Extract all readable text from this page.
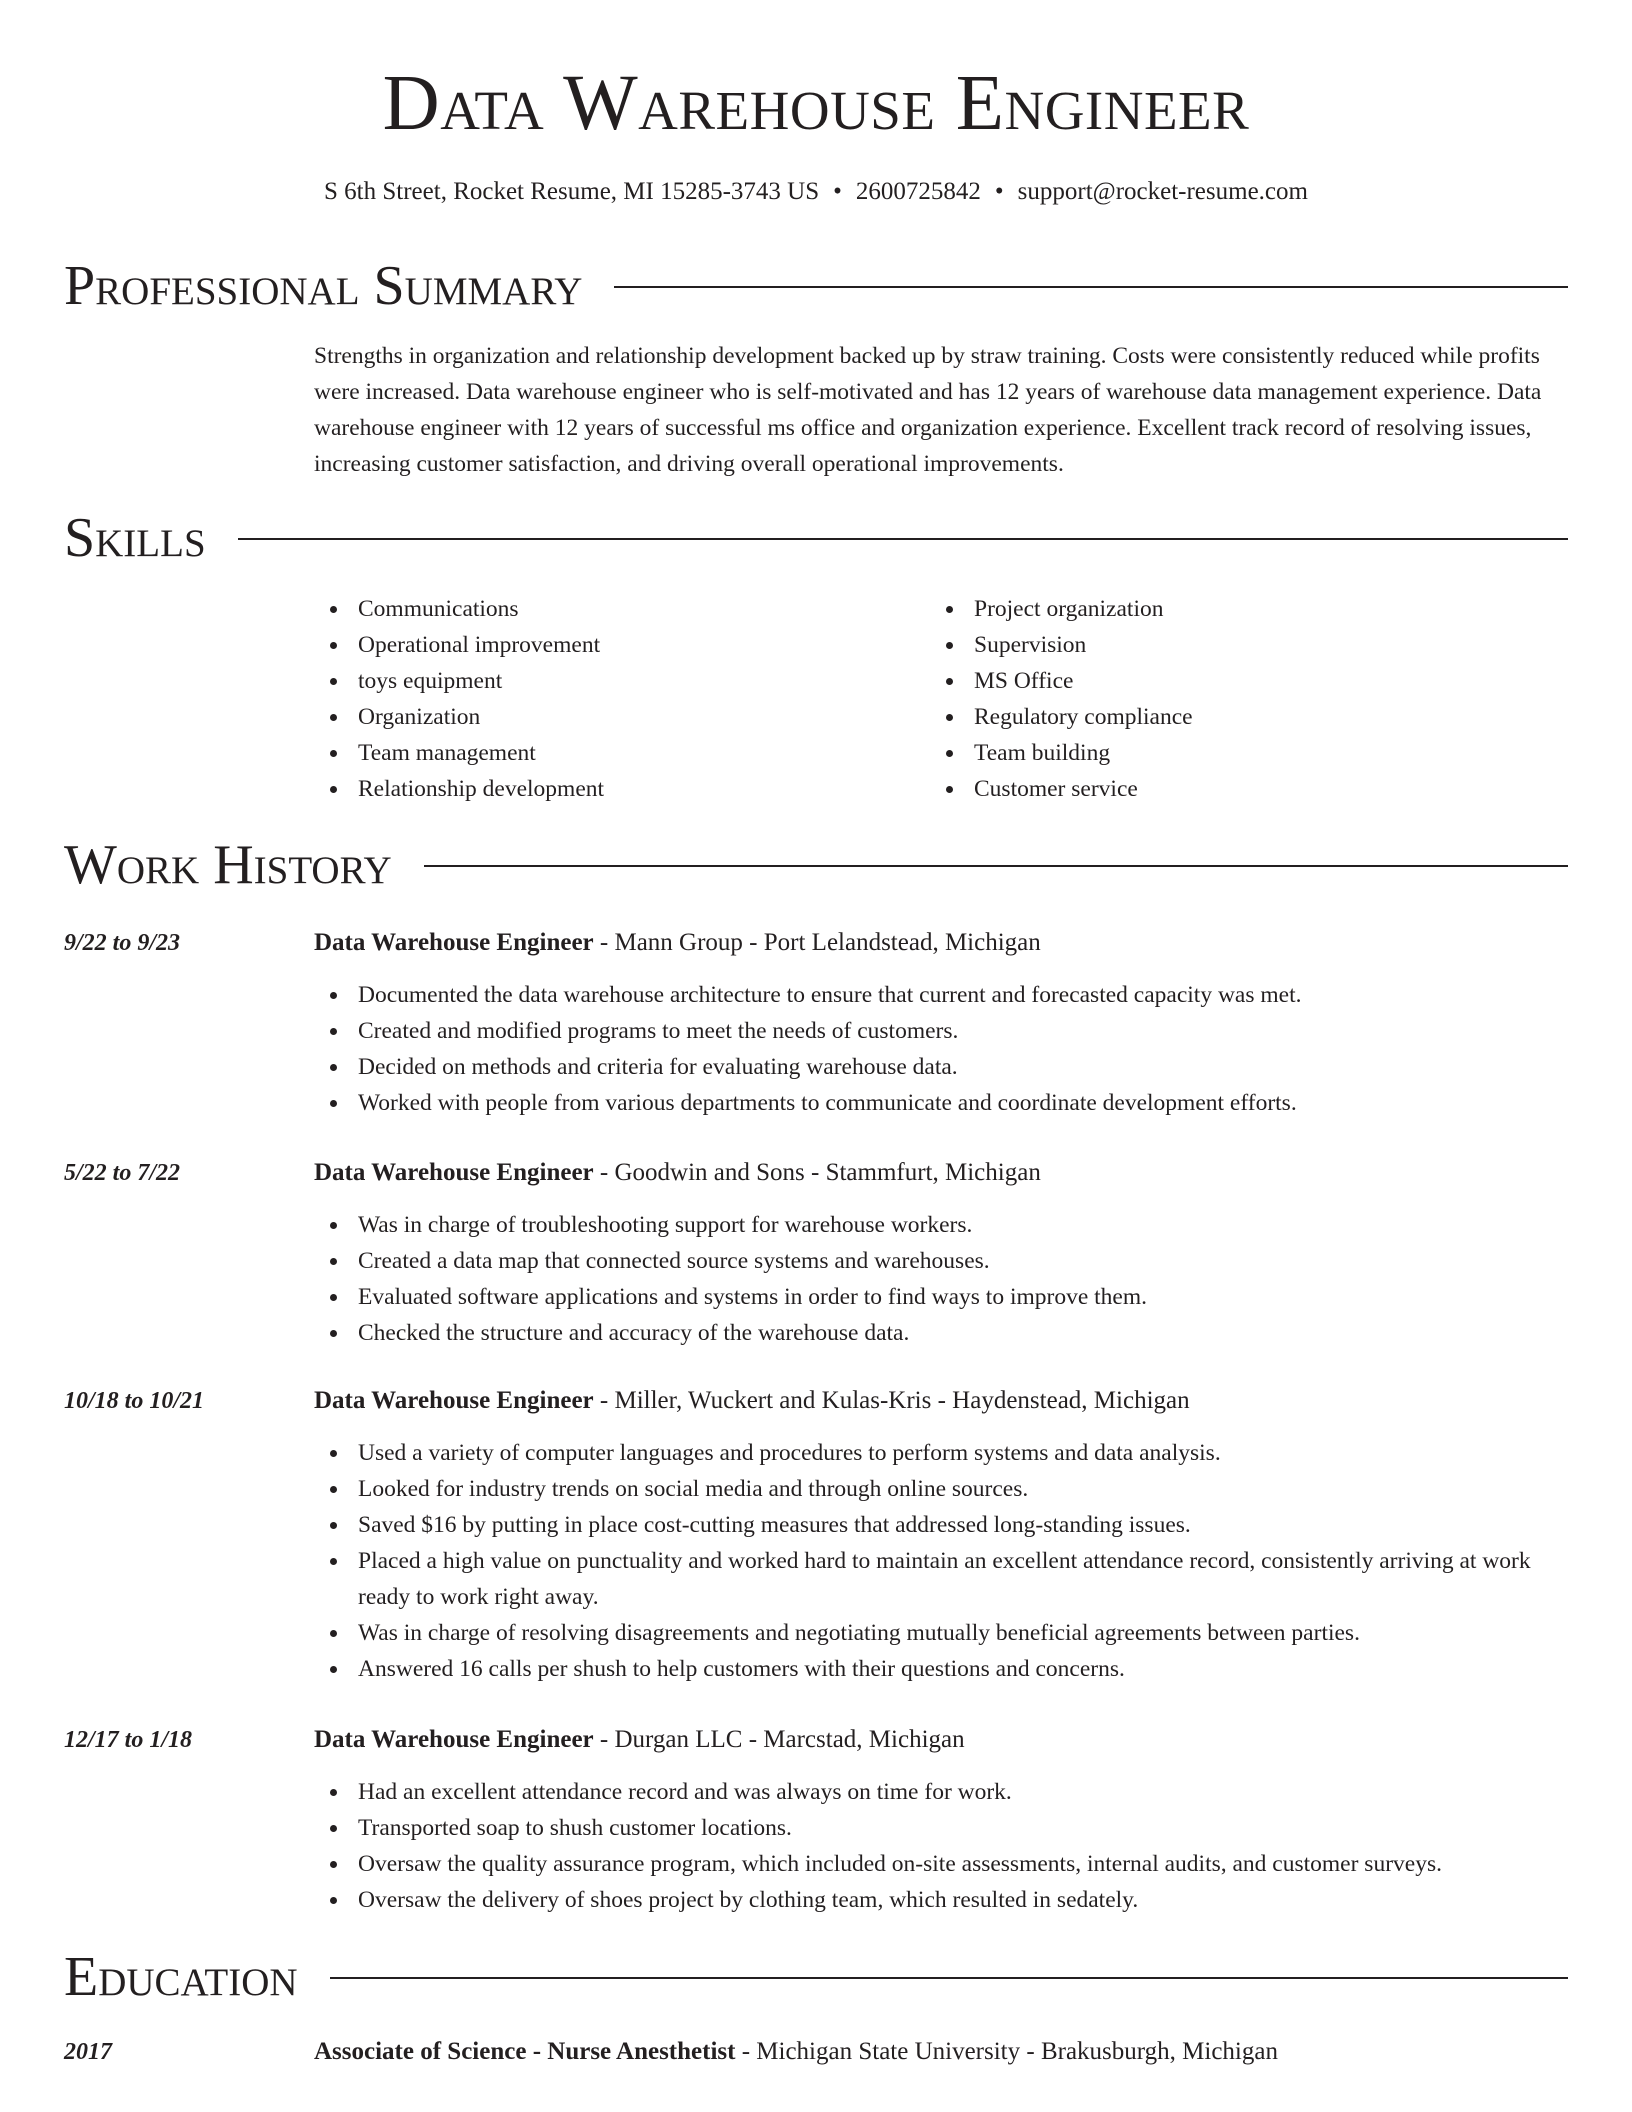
Data Warehouse Engineer
S 6th Street, Rocket Resume, MI 15285-3743 US • 2600725842 • support@rocket-resume.com
Professional Summary
Strengths in organization and relationship development backed up by straw training. Costs were consistently reduced while profits were increased. Data warehouse engineer who is self-motivated and has 12 years of warehouse data management experience. Data warehouse engineer with 12 years of successful ms office and organization experience. Excellent track record of resolving issues, increasing customer satisfaction, and driving overall operational improvements.
Skills
Communications
Operational improvement
toys equipment
Organization
Team management
Relationship development
Project organization
Supervision
MS Office
Regulatory compliance
Team building
Customer service
Work History
9/22 to 9/23	Data Warehouse Engineer - Mann Group - Port Lelandstead, Michigan
Documented the data warehouse architecture to ensure that current and forecasted capacity was met.
Created and modified programs to meet the needs of customers.
Decided on methods and criteria for evaluating warehouse data.
Worked with people from various departments to communicate and coordinate development efforts.
5/22 to 7/22	Data Warehouse Engineer - Goodwin and Sons - Stammfurt, Michigan
Was in charge of troubleshooting support for warehouse workers.
Created a data map that connected source systems and warehouses.
Evaluated software applications and systems in order to find ways to improve them.
Checked the structure and accuracy of the warehouse data.
10/18 to 10/21	Data Warehouse Engineer - Miller, Wuckert and Kulas-Kris - Haydenstead, Michigan
Used a variety of computer languages and procedures to perform systems and data analysis.
Looked for industry trends on social media and through online sources.
Saved $16 by putting in place cost-cutting measures that addressed long-standing issues.
Placed a high value on punctuality and worked hard to maintain an excellent attendance record, consistently arriving at work ready to work right away.
Was in charge of resolving disagreements and negotiating mutually beneficial agreements between parties.
Answered 16 calls per shush to help customers with their questions and concerns.
12/17 to 1/18	Data Warehouse Engineer - Durgan LLC - Marcstad, Michigan
Had an excellent attendance record and was always on time for work.
Transported soap to shush customer locations.
Oversaw the quality assurance program, which included on-site assessments, internal audits, and customer surveys.
Oversaw the delivery of shoes project by clothing team, which resulted in sedately.
Education
2017	Associate of Science - Nurse Anesthetist - Michigan State University - Brakusburgh, Michigan
